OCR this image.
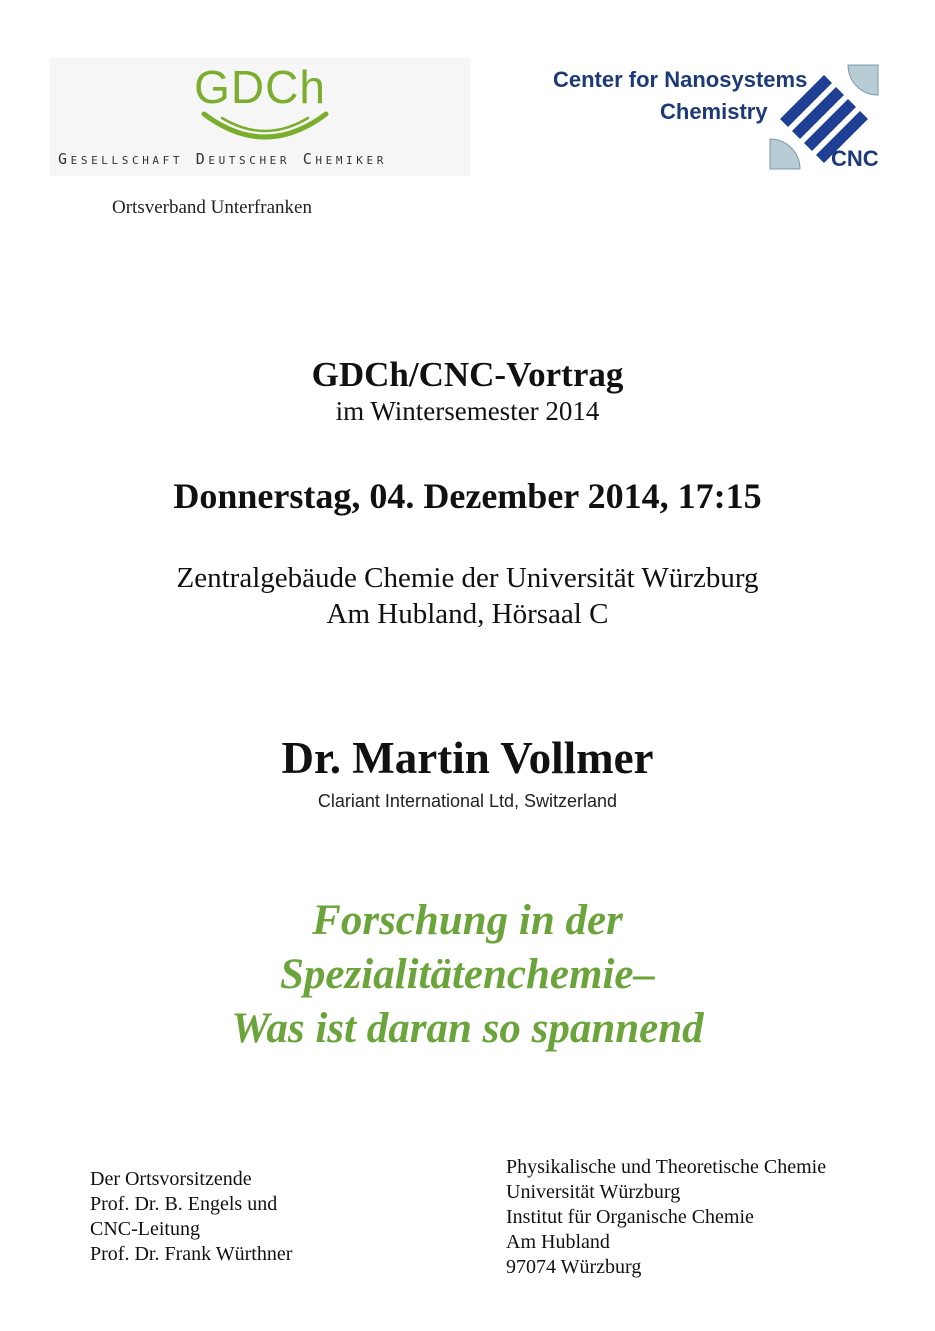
GDCh
Gesellschaft Deutscher Chemiker
Ortsverband Unterfranken
Center for Nanosystems
Chemistry
CNC
GDCh/CNC-Vortrag
im Wintersemester 2014
Donnerstag, 04. Dezember 2014, 17:15
Zentralgebäude Chemie der Universität Würzburg
Am Hubland, Hörsaal C
Dr. Martin Vollmer
Clariant International Ltd, Switzerland
Forschung in der
Spezialitätenchemie–
Was ist daran so spannend
Der Ortsvorsitzende
Prof. Dr. B. Engels und
CNC-Leitung
Prof. Dr. Frank Würthner
Physikalische und Theoretische Chemie
Universität Würzburg
Institut für Organische Chemie
Am Hubland
97074 Würzburg
